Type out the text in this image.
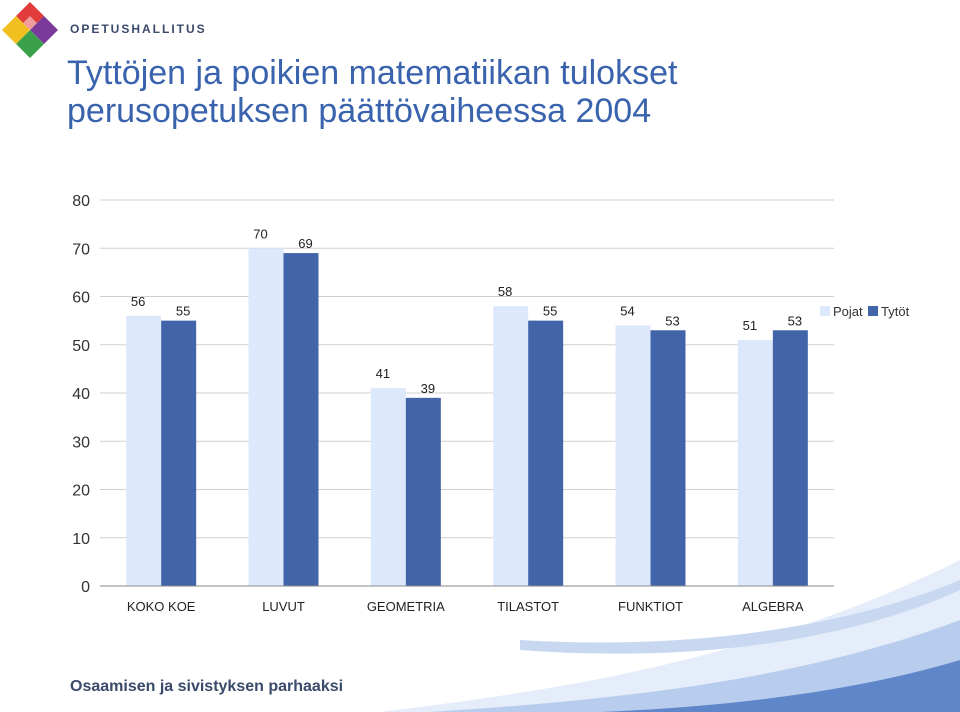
OPETUSHALLITUS
Tyttöjen ja poikien matematiikan tulokset
perusopetuksen päättövaiheessa 2004
0
10
20
30
40
50
60
70
80
56
55
KOKO KOE
70
69
LUVUT
41
39
GEOMETRIA
58
55
TILASTOT
54
53
FUNKTIOT
51 53
ALGEBRA
Pojat Tytöt
Osaamisen ja sivistyksen parhaaksi
